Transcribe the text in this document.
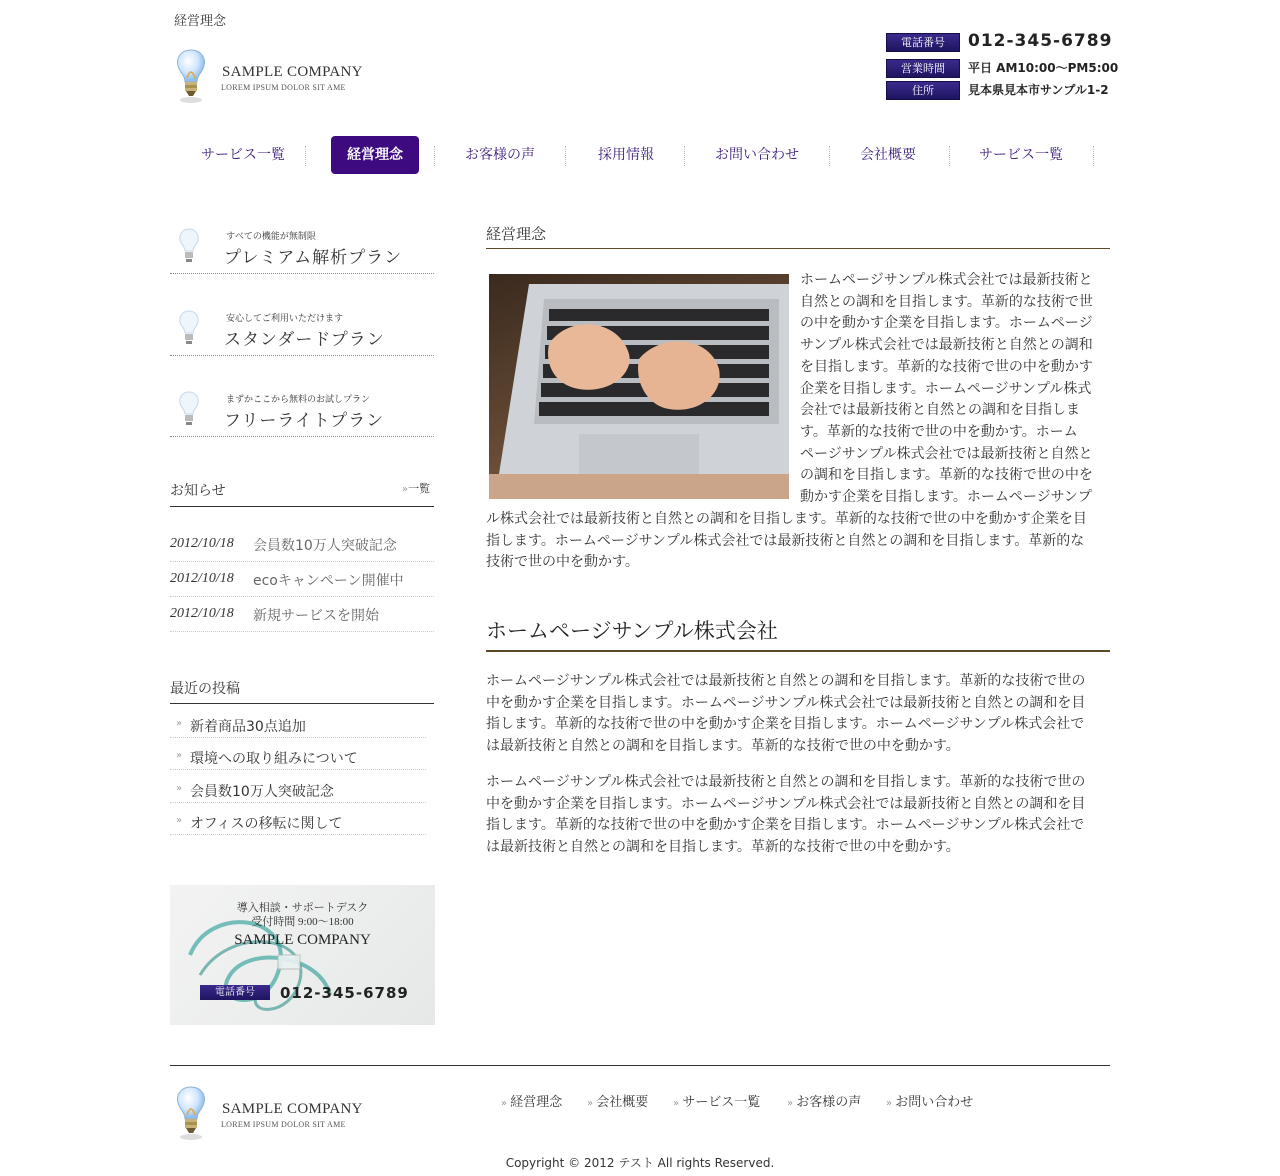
経営理念
SAMPLE COMPANY
LOREM IPSUM DOLOR SIT AME
電話番号	012-345-6789
営業時間	平日 AM10:00〜PM5:00
住所	見本県見本市サンプル1-2
サービス一覧	経営理念	お客様の声	採用情報	お問い合わせ	会社概要	サービス一覧
すべての機能が無制限
プレミアム解析プラン
安心してご利用いただけます
スタンダードプラン
まずかここから無料のお試しプラン
フリーライトプラン
お知らせ	»一覧
2012/10/18 会員数10万人突破記念
2012/10/18 ecoキャンペーン開催中
2012/10/18 新規サービスを開始
最近の投稿
» 新着商品30点追加
» 環境への取り組みについて
» 会員数10万人突破記念
» オフィスの移転に関して
導入相談・サポートデスク
受付時間 9:00〜18:00
SAMPLE COMPANY
電話番号	012-345-6789
経営理念
ホームページサンプル株式会社では最新技術と
自然との調和を目指します。革新的な技術で世
の中を動かす企業を目指します。ホームページ
サンプル株式会社では最新技術と自然との調和
を目指します。革新的な技術で世の中を動かす
企業を目指します。ホームページサンプル株式
会社では最新技術と自然との調和を目指しま
す。革新的な技術で世の中を動かす。ホーム
ページサンプル株式会社では最新技術と自然と
の調和を目指します。革新的な技術で世の中を
動かす企業を目指します。ホームページサンプ
ル株式会社では最新技術と自然との調和を目指します。革新的な技術で世の中を動かす企業を目
指します。ホームページサンプル株式会社では最新技術と自然との調和を目指します。革新的な
技術で世の中を動かす。
ホームページサンプル株式会社
ホームページサンプル株式会社では最新技術と自然との調和を目指します。革新的な技術で世の
中を動かす企業を目指します。ホームページサンプル株式会社では最新技術と自然との調和を目
指します。革新的な技術で世の中を動かす企業を目指します。ホームページサンプル株式会社で
は最新技術と自然との調和を目指します。革新的な技術で世の中を動かす。
ホームページサンプル株式会社では最新技術と自然との調和を目指します。革新的な技術で世の
中を動かす企業を目指します。ホームページサンプル株式会社では最新技術と自然との調和を目
指します。革新的な技術で世の中を動かす企業を目指します。ホームページサンプル株式会社で
は最新技術と自然との調和を目指します。革新的な技術で世の中を動かす。
SAMPLE COMPANY
LOREM IPSUM DOLOR SIT AME
» 経営理念 » 会社概要 » サービス一覧	» お客様の声 » お問い合わせ
Copyright © 2012 テスト All rights Reserved.
